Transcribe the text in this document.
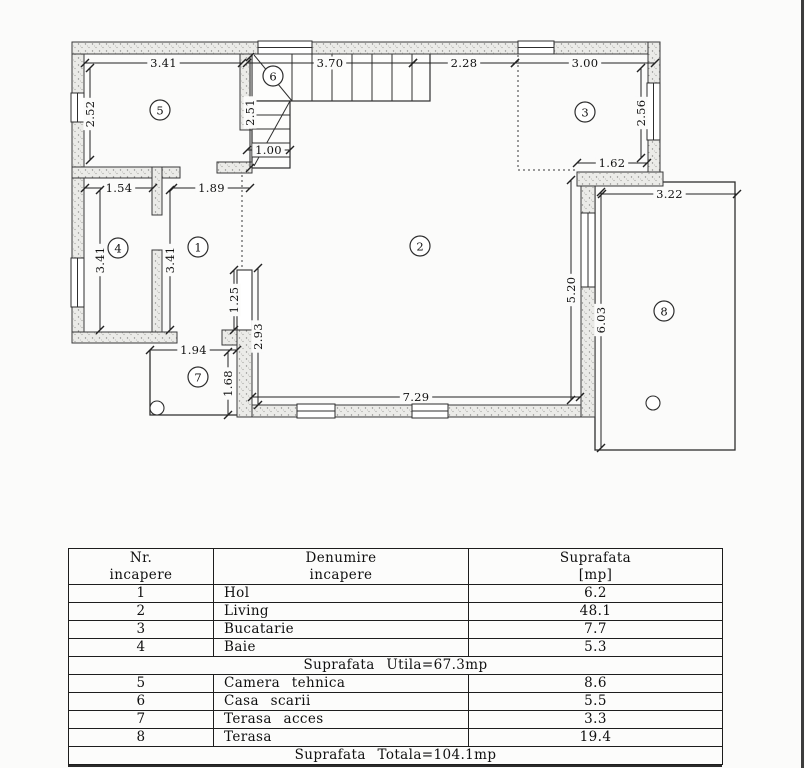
3.41	3.70	2.28	3.00
2.52
1.54	1.89
3.41	3.41
2.51
1.00
1.94
1.68
1.25
2.93
7.29
5.20
1.62
2.56
6.03
3.22
1	2
3
4
5
6
7
8
Nr.
incapere

Denumire
incapere

Suprafata
[mp]

1	Hol	6.2
2	Living	48.1
3	Bucatarie	7.7
4	Baie	5.3
Suprafata Utila=67.3mp		
5	Camera tehnica	8.6
6	Casa scarii	5.5
7	Terasa acces	3.3
8	Terasa	19.4
Suprafata Totala=104.1mp		
